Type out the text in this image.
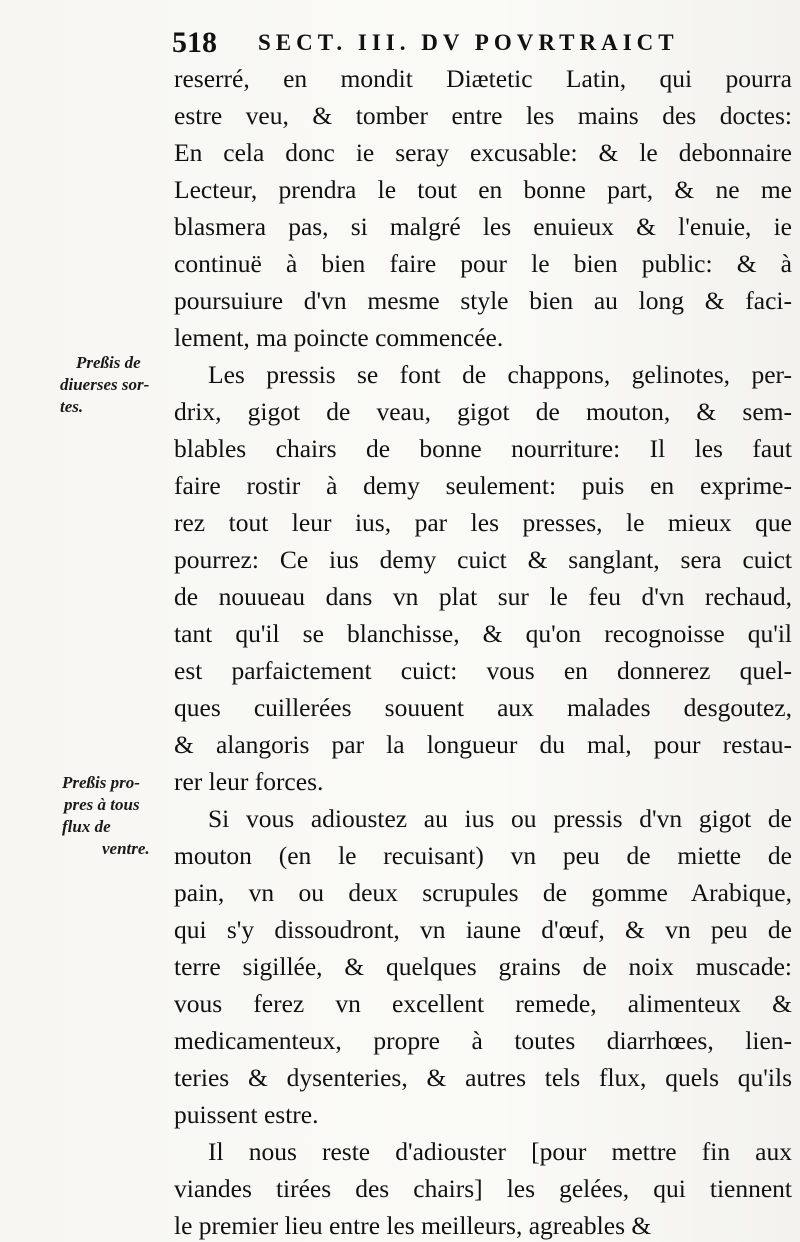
518 SECT. III. DV POVRTRAICT
Preßis de
diuerses sor-
tes.
Preßis pro-
pres à tous
flux de
ventre.

reserré, en mondit Diætetic Latin, qui pourra
estre veu, & tomber entre les mains des doctes:
En cela donc ie seray excusable: & le debonnaire
Lecteur, prendra le tout en bonne part, & ne me
blasmera pas, si malgré les enuieux & l'enuie, ie
continuë à bien faire pour le bien public: & à
poursuiure d'vn mesme style bien au long & faci-
lement, ma poincte commencée.

Les pressis se font de chappons, gelinotes, per-
drix, gigot de veau, gigot de mouton, & sem-
blables chairs de bonne nourriture: Il les faut
faire rostir à demy seulement: puis en exprime-
rez tout leur ius, par les presses, le mieux que
pourrez: Ce ius demy cuict & sanglant, sera cuict
de nouueau dans vn plat sur le feu d'vn rechaud,
tant qu'il se blanchisse, & qu'on recognoisse qu'il
est parfaictement cuict: vous en donnerez quel-
ques cuillerées souuent aux malades desgoutez,
& alangoris par la longueur du mal, pour restau-
rer leur forces.

Si vous adioustez au ius ou pressis d'vn gigot de
mouton (en le recuisant) vn peu de miette de
pain, vn ou deux scrupules de gomme Arabique,
qui s'y dissoudront, vn iaune d'œuf, & vn peu de
terre sigillée, & quelques grains de noix muscade:
vous ferez vn excellent remede, alimenteux &
medicamenteux, propre à toutes diarrhœes, lien-
teries & dysenteries, & autres tels flux, quels qu'ils
puissent estre.

Il nous reste d'adiouster [pour mettre fin aux
viandes tirées des chairs] les gelées, qui tiennent
le premier lieu entre les meilleurs, agreables &
